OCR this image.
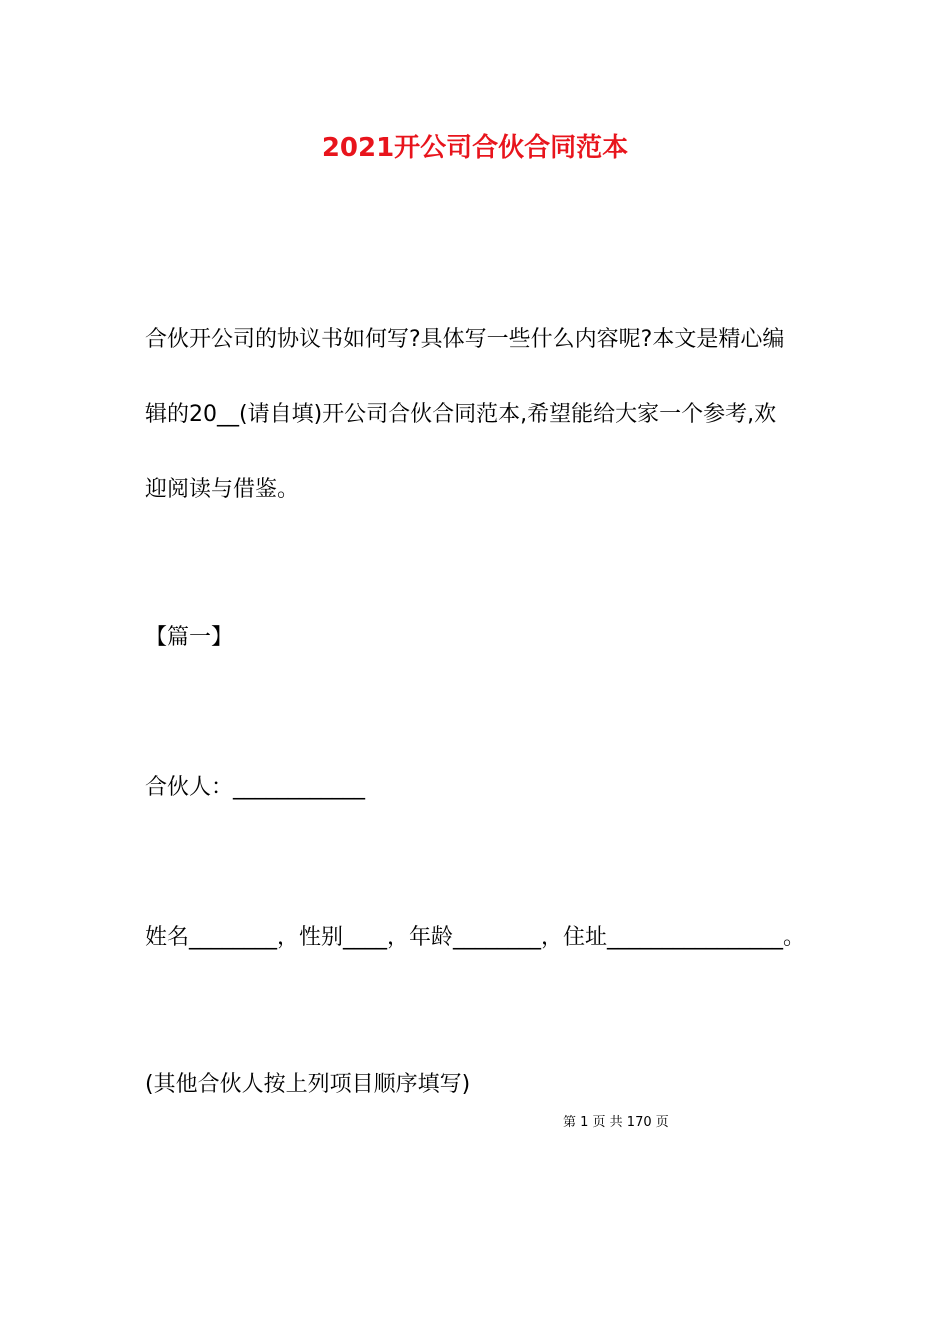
2021开公司合伙合同范本

合伙开公司的协议书如何写?具体写一些什么内容呢?本文是精心编

辑的20__(请自填)开公司合伙合同范本,希望能给大家一个参考,欢

迎阅读与借鉴。

【篇一】

合伙人：____________

姓名________，性别____，年龄________，住址________________。

(其他合伙人按上列项目顺序填写)

第 1 页 共 170 页
